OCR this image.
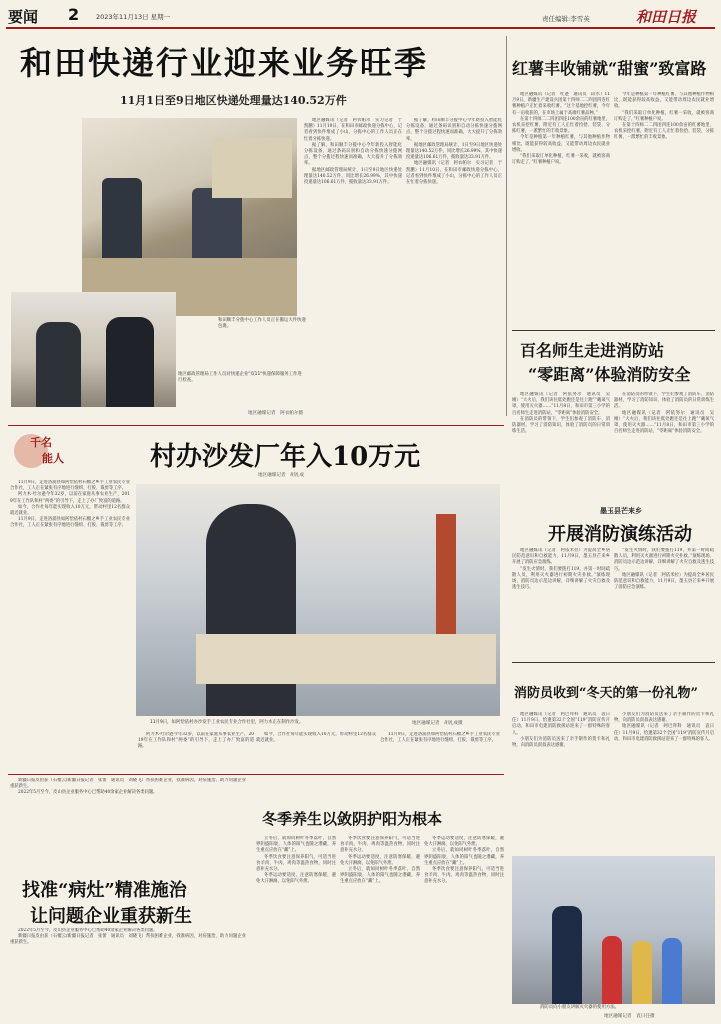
要闻 2	2023年11月13日 星期一	责任编辑:李雪英	和田日报
和田快递行业迎来业务旺季
11月1日至9日地区快递处理量达140.52万件
和田顺丰分拨中心工作人员正在搬运大件快递包裹。
地区邮政管理局工作人员对快递企业"双11"快递保障服务工作进行检查。
地区融媒记者　阿衣帕尔摄

地区融媒讯（记者　阿衣帕尔　实习记者　于凯鹏）11月10日，在和田市邮政快递分拣中心，记者看到快件堆成了小山，分拣中心的工作人员正在忙着分拣快递。

据了解，和田顺丰分拨中心今年新投入智能化分拣设备，通过条码识别和自动分拣快速分拨网点，整个分拨过程快速而准确，大大提升了分拣效率。

据地区邮政管理局统计，1日至9日地区快递处理量达140.52万件，同比增长26.99%，其中快递投递量达106.61万件，揽收量达33.91万件。

据了解，和田顺丰分拨中心今年新投入智能化分拣设备，通过条码识别和自动分拣快速分拨网点，整个分拨过程快速而准确，大大提升了分拣效率。

据地区邮政管理局统计，1日至9日地区快递处理量达140.52万件，同比增长26.99%，其中快递投递量达106.61万件，揽收量达33.91万件。

地区融媒讯（记者　阿衣帕尔　实习记者　于凯鹏）11月10日，在和田市邮政快递分拣中心，记者看到快件堆成了小山，分拣中心的工作人员正在忙着分拣快递。

红薯丰收铺就“甜蜜”致富路

地区融媒讯（记者　吐逊　通讯员　段水）11月9日，新疆生产建设兵团第十四师二二四团四连红薯种植户正忙着采收红薯。“这个基地挖红薯，今年有一亩收获的，在市场上属于高端红薯品种。”

在第十四师二二四团四连100余亩的红薯地里，农机采挖红薯，附近有工人正忙着捡拾、装袋、分拣红薯，一派繁忙的丰收景象。

今年是种植第一年种植红薯，与其他种植作物相比，既能获得较高收益，又能带动周边农民就业增收。

“我们采取订单化种植，红薯一采收，就被客商订购走了，”红薯种植户说。

今年是种植第一年种植红薯，与其他种植作物相比，既能获得较高收益，又能带动周边农民就业增收。

“我们采取订单化种植，红薯一采收，就被客商订购走了，”红薯种植户说。

在第十四师二二四团四连100余亩的红薯地里，农机采挖红薯，附近有工人正忙着捡拾、装袋、分拣红薯，一派繁忙的丰收景象。

百名师生走进消防站
“零距离”体验消防安全

地区融媒讯（记者　阿依努尔　通讯员　吴刚）“大火后，我们该往低处跑还是往上跑”“戴氧气罩，使用灭火器……”11月8日，和田市第三小学的百名师生走进消防站，“零距离”体验消防安全。

在消防员的带领下，学生们参观了消防车、消防器材，学习了消防知识，体验了消防员的日常训练生活。

在消防员的带领下，学生们参观了消防车、消防器材，学习了消防知识，体验了消防员的日常训练生活。

地区融媒讯（记者　阿依努尔　通讯员　吴刚）“大火后，我们该往低处跑还是往上跑”“戴氧气罩，使用灭火器……”11月8日，和田市第三小学的百名师生走进消防站，“零距离”体验消防安全。

墨玉县芒来乡
开展消防演练活动

地区融媒讯（记者　阿依米拉）为提高全乡居民防范意识和自救能力，11月9日，墨玉县芒来乡开展了消防应急演练。

“发生火情时，我们要拨打119，并第一时间疏散人员，利用灭火器进行初期火灾扑救。”演练现场，消防员边示范边讲解，详细讲解了火灾自救及逃生技巧。

“发生火情时，我们要拨打119，并第一时间疏散人员，利用灭火器进行初期火灾扑救。”演练现场，消防员边示范边讲解，详细讲解了火灾自救及逃生技巧。

地区融媒讯（记者　阿依米拉）为提高全乡居民防范意识和自救能力，11月9日，墨玉县芒来乡开展了消防应急演练。

消防员收到“冬天的第一份礼物”

地区融媒讯（记者　阿巴拜科　通讯员　袁日任）11月9日，恰逢第32个全国“119”消防宣传月启动，和田市电建消防救援站迎来了一群特殊的客人。

小朋友们为消防员送来了亲手制作的贺卡和礼物，向消防员叔叔表达感谢。

小朋友们为消防员送来了亲手制作的贺卡和礼物，向消防员叔叔表达感谢。

地区融媒讯（记者　阿巴拜科　通讯员　袁日任）11月9日，恰逢第32个全国“119”消防宣传月启动，和田市电建消防救援站迎来了一群特殊的客人。

消防员向小朋友讲解灭火器的使用方法。
地区融媒记者　袁日任摄
千名
能人	村办沙发厂年入10万元
地区融媒记者　胡礼成

11月9日，走进洛浦县如阿恰依村石榴之乡手工业农民专业合作社，工人正在紧张有序地进行缝纫、打胶、裁剪等工序。

阿力木·吐尔逊今年32岁，以前在家庭从事农业生产，2019年在工作队和村“两委”的引导下，走上了办厂致富的道路。

如今，合作社每年能实现收入10万元，带动村里12名群众就近就业。

11月9日，走进洛浦县如阿恰依村石榴之乡手工业农民专业合作社，工人正在紧张有序地进行缝纫、打胶、裁剪等工序。

11月9日，如阿恰依村办沙发手工业农民专业合作社里，阿力木正在制作沙发。	地区融媒记者　胡礼成摄

阿力木·吐尔逊今年32岁，以前在家庭从事农业生产，2019年在工作队和村“两委”的引导下，走上了办厂致富的道路。

如今，合作社每年能实现收入10万元，带动村里12名群众就近就业。

11月9日，走进洛浦县如阿恰依村石榴之乡手工业农民专业合作社，工人正在紧张有序地进行缝纫、打胶、裁剪等工序。

新疆日报皮由获（石榴云/新疆日报记者　张蕾　通讯员　刘晓飞）帮扶困难企业，找准病因，对症施治，助力问题企业重获新生。

2022年5月至今，皮山县企业服务中心已帮助40余家企业解决各类问题。

找准“病灶”精准施治
让问题企业重获新生

2022年5月至今，皮山县企业服务中心已帮助40余家企业解决各类问题。

新疆日报皮由获（石榴云/新疆日报记者　张蕾　通讯员　刘晓飞）帮扶困难企业，找准病因，对症施治，助力问题企业重获新生。

冬季养生以敛阴护阳为根本

立冬后，就如同树叶冬季落叶，自然界阴盛阳衰，人体的阳气也随之潜藏，养生重点应放在“藏”上。

冬季饮食要注意保养阳气，可适当进食羊肉、牛肉、鸡肉等温热食物，同时注意补充水分。

冬季运动要适度，注意防寒保暖，避免大汗淋漓，以免阳气外泄。

冬季饮食要注意保养阳气，可适当进食羊肉、牛肉、鸡肉等温热食物，同时注意补充水分。

冬季运动要适度，注意防寒保暖，避免大汗淋漓，以免阳气外泄。

立冬后，就如同树叶冬季落叶，自然界阴盛阳衰，人体的阳气也随之潜藏，养生重点应放在“藏”上。

冬季运动要适度，注意防寒保暖，避免大汗淋漓，以免阳气外泄。

立冬后，就如同树叶冬季落叶，自然界阴盛阳衰，人体的阳气也随之潜藏，养生重点应放在“藏”上。

冬季饮食要注意保养阳气，可适当进食羊肉、牛肉、鸡肉等温热食物，同时注意补充水分。
